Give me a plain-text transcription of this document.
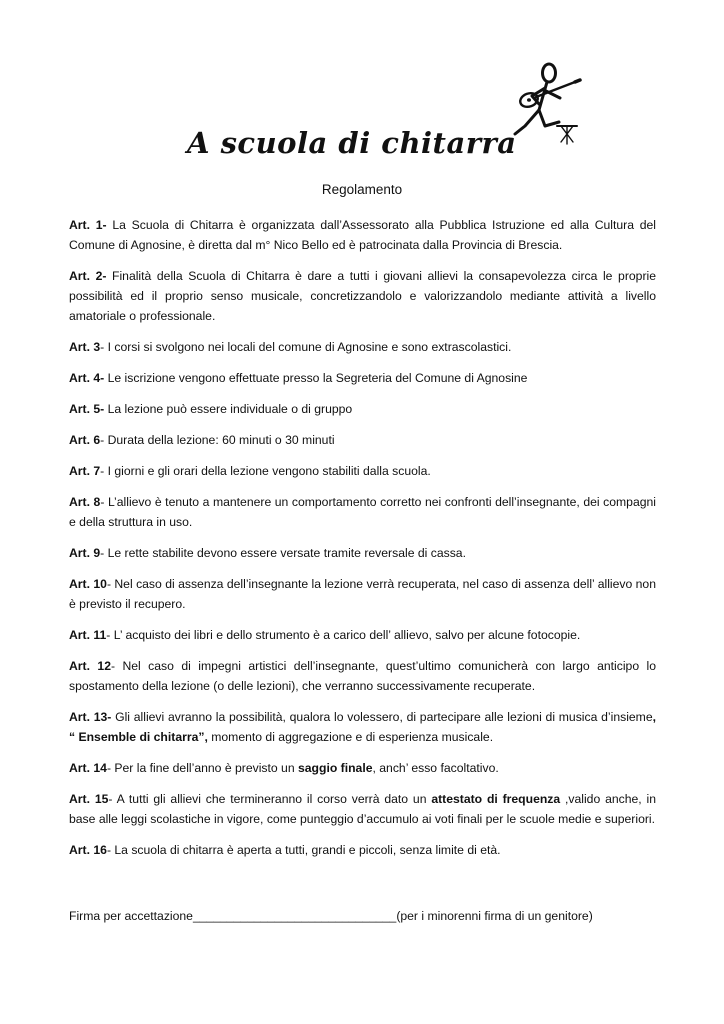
A scuola di chitarra

Regolamento

Art. 1- La Scuola di Chitarra è organizzata dall’Assessorato alla Pubblica Istruzione ed alla Cultura del Comune di Agnosine, è diretta dal m° Nico Bello ed è patrocinata dalla Provincia di Brescia.

Art. 2- Finalità della Scuola di Chitarra è dare a tutti i giovani allievi la consapevolezza circa le proprie possibilità ed il proprio senso musicale, concretizzandolo e valorizzandolo mediante attività a livello amatoriale o professionale.

Art. 3- I corsi si svolgono nei locali del comune di Agnosine e sono extrascolastici.

Art. 4- Le iscrizione vengono effettuate presso la Segreteria del Comune di Agnosine

Art. 5- La lezione può essere individuale o di gruppo

Art. 6- Durata della lezione: 60 minuti o 30 minuti

Art. 7- I giorni e gli orari della lezione vengono stabiliti dalla scuola.

Art. 8- L’allievo è tenuto a mantenere un comportamento corretto nei confronti dell’insegnante, dei compagni e della struttura in uso.

Art. 9- Le rette stabilite devono essere versate tramite reversale di cassa.

Art. 10- Nel caso di assenza dell’insegnante la lezione verrà recuperata, nel caso di assenza dell’ allievo non è previsto il recupero.

Art. 11- L’ acquisto dei libri e dello strumento è a carico dell’ allievo, salvo per alcune fotocopie.

Art. 12- Nel caso di impegni artistici dell’insegnante, quest’ultimo comunicherà con largo anticipo lo spostamento della lezione (o delle lezioni), che verranno successivamente recuperate.

Art. 13- Gli allievi avranno la possibilità, qualora lo volessero, di partecipare alle lezioni di musica d’insieme, “ Ensemble di chitarra”, momento di aggregazione e di esperienza musicale.

Art. 14- Per la fine dell’anno è previsto un saggio finale, anch’ esso facoltativo.

Art. 15- A tutti gli allievi che termineranno il corso verrà dato un attestato di frequenza ,valido anche, in base alle leggi scolastiche in vigore, come punteggio d’accumulo ai voti finali per le scuole medie e superiori.

Art. 16- La scuola di chitarra è aperta a tutti, grandi e piccoli, senza limite di età.

Firma per accettazione______________________________(per i minorenni firma di un genitore)
